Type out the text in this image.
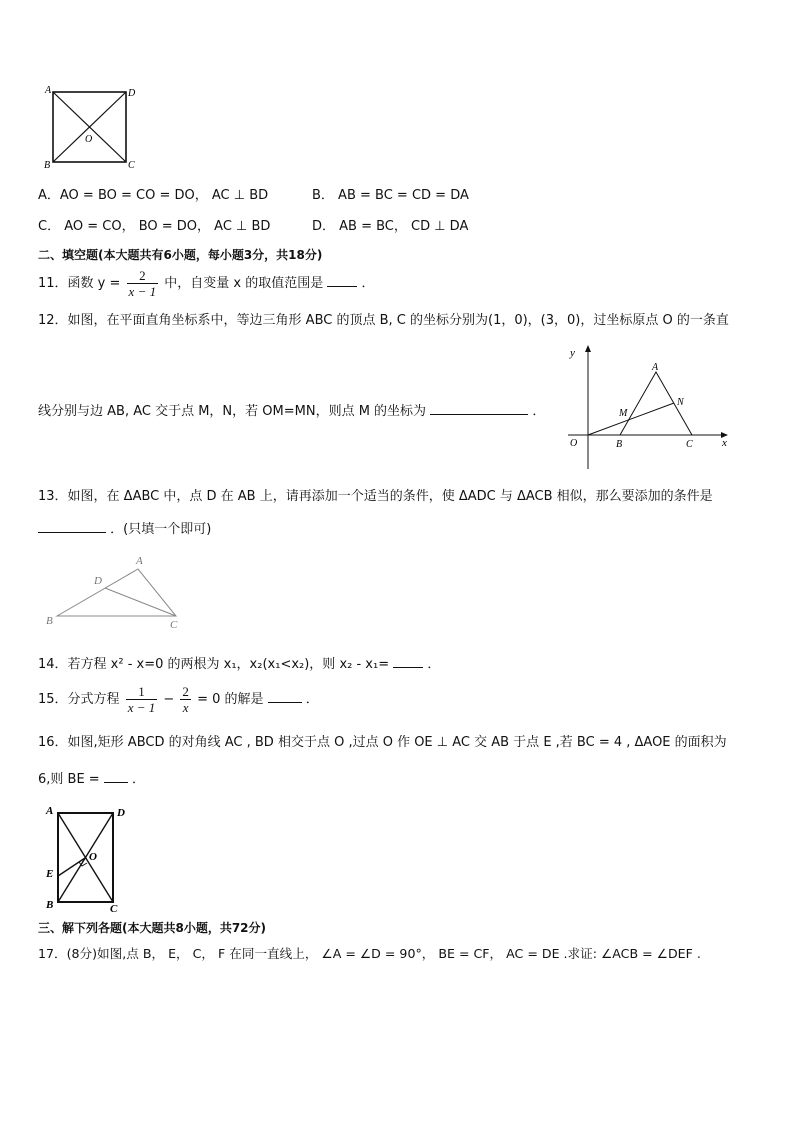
A	D
B	C
O
A．AO = BO = CO = DO， AC ⊥ BD	B． AB = BC = CD = DA
C． AO = CO， BO = DO， AC ⊥ BD	D． AB = BC， CD ⊥ DA
二、填空题(本大题共有6小题，每小题3分，共18分)
11．函数 $y = \frac{2}{x - 1}$ 中，自变量 x 的取值范围是	．
12．如图，在平面直角坐标系中，等边三角形 ABC 的顶点 B, C 的坐标分别为(1，0)，(3，0)，过坐标原点 O 的一条直
线分别与边 AB, AC 交于点 M，N，若 OM=MN，则点 M 的坐标为	．
y
x
O
A
B	C
M
N
13．如图，在 ΔABC 中，点 D 在 AB 上，请再添加一个适当的条件，使 ΔADC 与 ΔACB 相似，那么要添加的条件是
．(只填一个即可)
A
D
B	C
14．若方程 x² - x=0 的两根为 x₁，x₂(x₁<x₂)，则 x₂ - x₁=	．
15．分式方程 $\frac{1}{x - 1} - \frac{2}{x} = 0$ 的解是	．
16．如图,矩形 ABCD 的对角线 AC , BD 相交于点 O ,过点 O 作 OE ⊥ AC 交 AB 于点 E ,若 BC = 4 , ΔAOE 的面积为
6,则 BE = ．
A	D
E
O
B	C
三、解下列各题(本大题共8小题，共72分)
17．(8分)如图,点 B， E， C， F 在同一直线上， ∠A = ∠D = 90°， BE = CF， AC = DE .求证: ∠ACB = ∠DEF .
